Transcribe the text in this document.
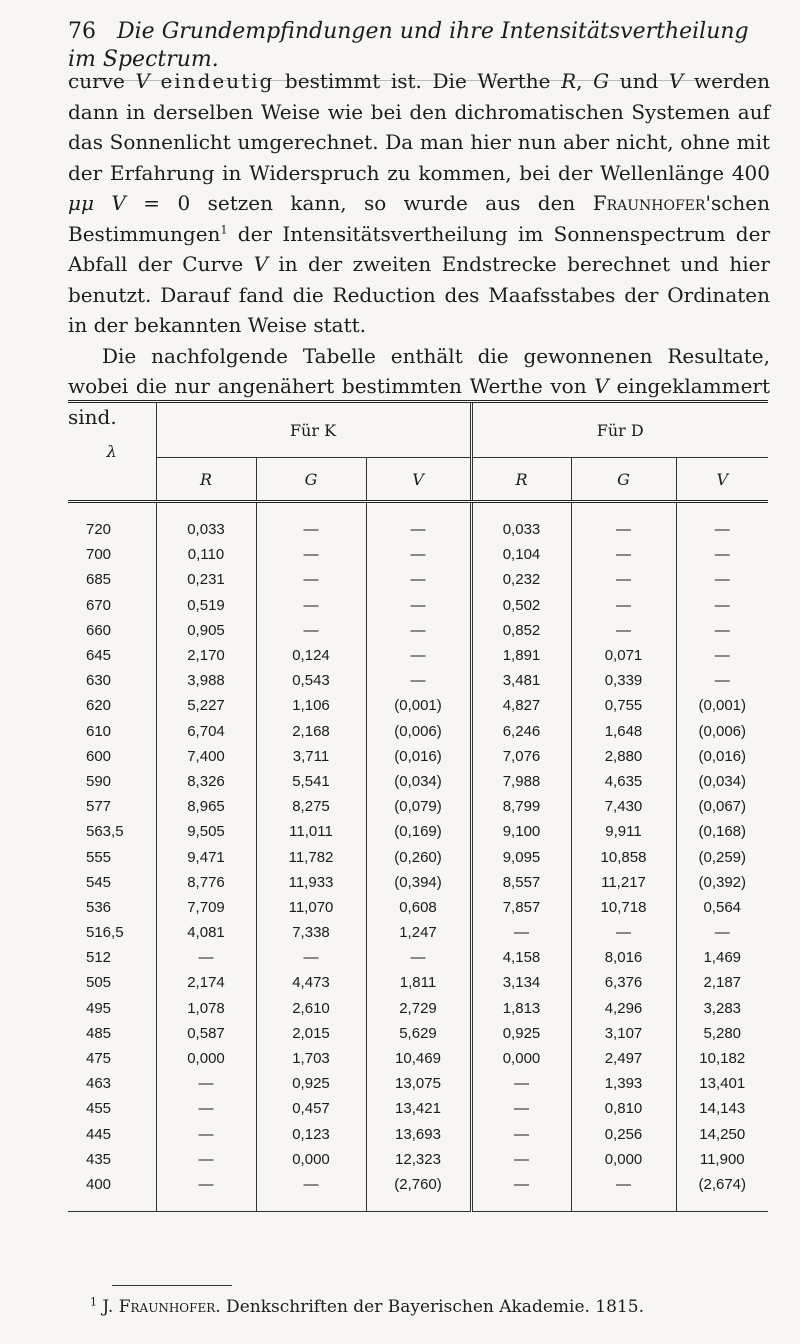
76 Die Grundempfindungen und ihre Intensitätsvertheilung im Spectrum.

curve V eindeutig bestimmt ist. Die Werthe R, G und V werden dann in derselben Weise wie bei den dichromatischen Systemen auf das Sonnenlicht umgerechnet. Da man hier nun aber nicht, ohne mit der Erfahrung in Widerspruch zu kommen, bei der Wellenlänge 400 μμ V = 0 setzen kann, so wurde aus den Fraunhofer'schen Bestimmungen$^1$ der Intensitätsvertheilung im Sonnenspectrum der Abfall der Curve V in der zweiten Endstrecke berechnet und hier benutzt. Darauf fand die Reduction des Maafsstabes der Ordinaten in der bekannten Weise statt.

Die nachfolgende Tabelle enthält die gewonnenen Resultate, wobei die nur angenähert bestimmten Werthe von V eingeklammert sind.

λ	Für K			Für D		
	R	G	V	R	G	V
720	0,033	—	—	0,033	—	—
700	0,110	—	—	0,104	—	—
685	0,231	—	—	0,232	—	—
670	0,519	—	—	0,502	—	—
660	0,905	—	—	0,852	—	—
645	2,170	0,124	—	1,891	0,071	—
630	3,988	0,543	—	3,481	0,339	—
620	5,227	1,106	(0,001)	4,827	0,755	(0,001)
610	6,704	2,168	(0,006)	6,246	1,648	(0,006)
600	7,400	3,711	(0,016)	7,076	2,880	(0,016)
590	8,326	5,541	(0,034)	7,988	4,635	(0,034)
577	8,965	8,275	(0,079)	8,799	7,430	(0,067)
563,5	9,505	11,011	(0,169)	9,100	9,911	(0,168)
555	9,471	11,782	(0,260)	9,095	10,858	(0,259)
545	8,776	11,933	(0,394)	8,557	11,217	(0,392)
536	7,709	11,070	0,608	7,857	10,718	0,564
516,5	4,081	7,338	1,247	—	—	—
512	—	—	—	4,158	8,016	1,469
505	2,174	4,473	1,811	3,134	6,376	2,187
495	1,078	2,610	2,729	1,813	4,296	3,283
485	0,587	2,015	5,629	0,925	3,107	5,280
475	0,000	1,703	10,469	0,000	2,497	10,182
463	—	0,925	13,075	—	1,393	13,401
455	—	0,457	13,421	—	0,810	14,143
445	—	0,123	13,693	—	0,256	14,250
435	—	0,000	12,323	—	0,000	11,900
400	—	—	(2,760)	—	—	(2,674)
$^1$ J. Fraunhofer. Denkschriften der Bayerischen Akademie. 1815.
